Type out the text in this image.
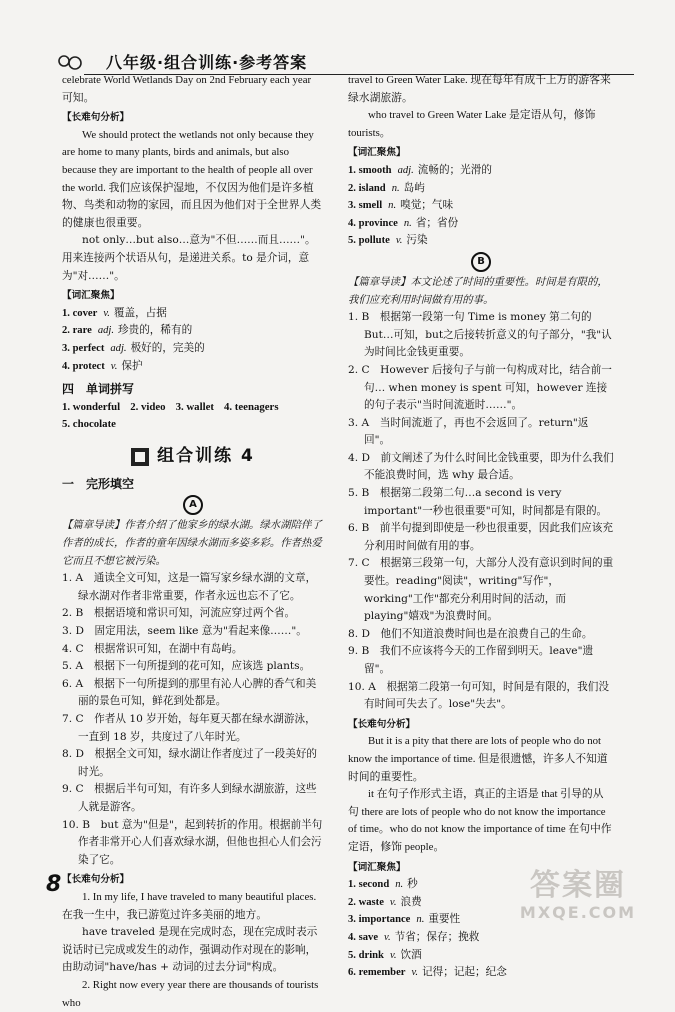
八年级·组合训练·参考答案

celebrate World Wetlands Day on 2nd February each year 可知。

【长难句分析】

We should protect the wetlands not only because they are home to many plants, birds and animals, but also because they are important to the health of people all over the world. 我们应该保护湿地，不仅因为他们是许多植物、鸟类和动物的家园，而且因为他们对于全世界人类的健康也很重要。

not only…but also…意为"不但……而且……"。用来连接两个状语从句，是递进关系。to 是介词，意为"对……"。

【词汇聚焦】

1. cover v. 覆盖，占据

2. rare adj. 珍贵的，稀有的

3. perfect adj. 极好的，完美的

4. protect v. 保护

四　单词拼写

1. wonderful 2. video 3. wallet 4. teenagers

5. chocolate

组合训练 4

一　完形填空

A

【篇章导读】作者介绍了他家乡的绿水湖。绿水湖陪伴了作者的成长，作者的童年因绿水湖而多姿多彩。作者热爱它而且不想它被污染。

1. A　通读全文可知，这是一篇写家乡绿水湖的文章，绿水湖对作者非常重要，作者永远也忘不了它。

2. B　根据语境和常识可知，河流应穿过两个省。

3. D　固定用法，seem like 意为"看起来像……"。

4. C　根据常识可知，在湖中有岛屿。

5. A　根据下一句所提到的花可知，应该选 plants。

6. A　根据下一句所提到的那里有沁人心脾的香气和美丽的景色可知，鲜花到处都是。

7. C　作者从 10 岁开始，每年夏天都在绿水湖游泳，一直到 18 岁，共度过了八年时光。

8. D　根据全文可知，绿水湖让作者度过了一段美好的时光。

9. C　根据后半句可知，有许多人到绿水湖旅游，这些人就是游客。

10. B　but 意为"但是"，起到转折的作用。根据前半句作者非常开心人们喜欢绿水湖，但他也担心人们会污染了它。

【长难句分析】

1. In my life, I have traveled to many beautiful places. 在我一生中，我已游览过许多美丽的地方。

have traveled 是现在完成时态，现在完成时表示说话时已完成或发生的动作，强调动作对现在的影响，由助动词"have/has + 动词的过去分词"构成。

2. Right now every year there are thousands of tourists who

travel to Green Water Lake. 现在每年有成千上万的游客来绿水湖旅游。

who travel to Green Water Lake 是定语从句，修饰 tourists。

【词汇聚焦】

1. smooth adj. 流畅的；光滑的

2. island n. 岛屿

3. smell n. 嗅觉；气味

4. province n. 省；省份

5. pollute v. 污染

B

【篇章导读】本文论述了时间的重要性。时间是有限的，我们应充利用时间做有用的事。

1. B　根据第一段第一句 Time is money 第二句的 But…可知，but之后接转折意义的句子部分，"我"认为时间比金钱更重要。

2. C　However 后接句子与前一句构成对比，结合前一句… when money is spent 可知，however 连接的句子表示"当时间流逝时……"。

3. A　当时间流逝了，再也不会返回了。return"返回"。

4. D　前文阐述了为什么时间比金钱重要，即为什么我们不能浪费时间，选 why 最合适。

5. B　根据第二段第二句…a second is very important"一秒也很重要"可知，时间都是有限的。

6. B　前半句提到即使是一秒也很重要，因此我们应该充分利用时间做有用的事。

7. C　根据第三段第一句，大部分人没有意识到时间的重要性。reading"阅读"，writing"写作"，working"工作"都充分利用时间的活动，而 playing"嬉戏"为浪费时间。

8. D　他们不知道浪费时间也是在浪费自己的生命。

9. B　我们不应该将今天的工作留到明天。leave"遗留"。

10. A　根据第二段第一句可知，时间是有限的，我们没有时间可失去了。lose"失去"。

【长难句分析】

But it is a pity that there are lots of people who do not know the importance of time. 但是很遗憾，许多人不知道时间的重要性。

it 在句子作形式主语，真正的主语是 that 引导的从句 there are lots of people who do not know the importance of time。who do not know the importance of time 在句中作定语，修饰 people。

【词汇聚焦】

1. second n. 秒

2. waste v. 浪费

3. importance n. 重要性

4. save v. 节省；保存；挽救

5. drink v. 饮酒

6. remember v. 记得；记起；纪念

8	答案圈
MXQE.COM
